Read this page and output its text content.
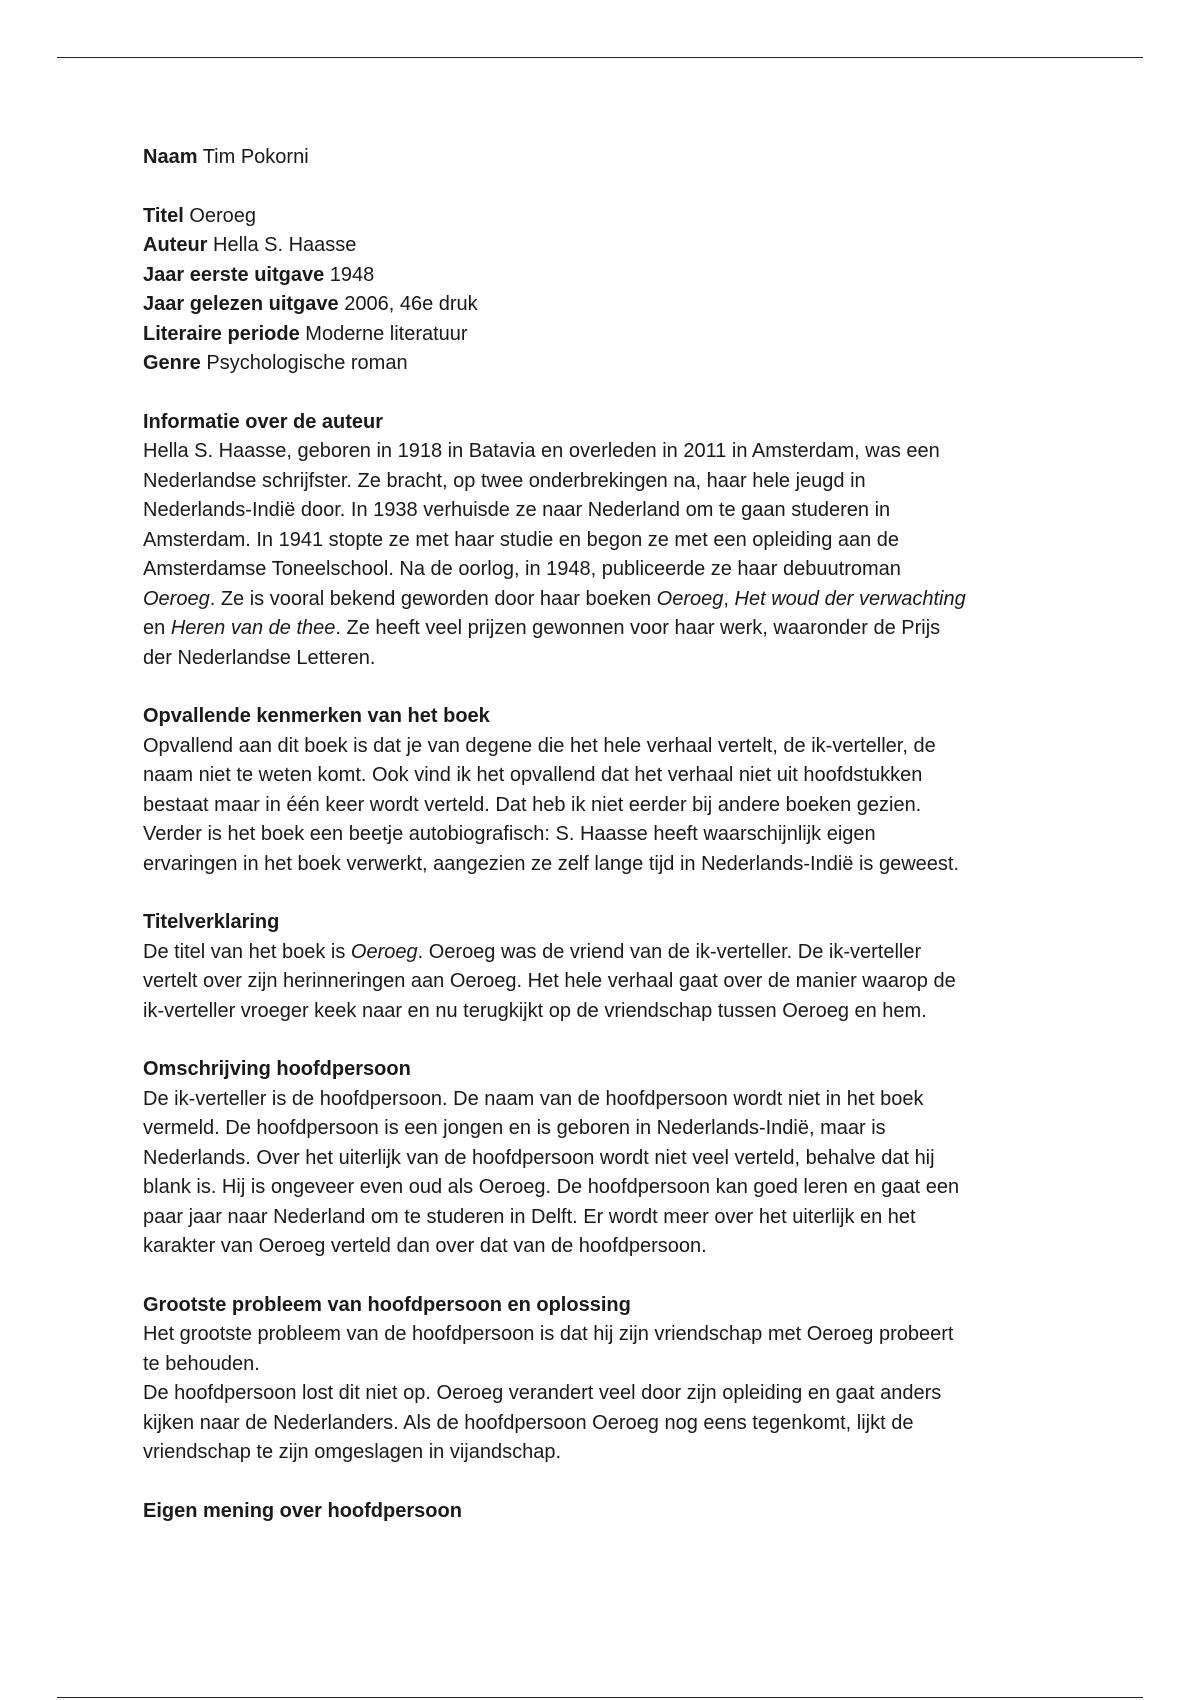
Naam Tim Pokorni

Titel Oeroeg

Auteur Hella S. Haasse

Jaar eerste uitgave 1948

Jaar gelezen uitgave 2006, 46e druk

Literaire periode Moderne literatuur

Genre Psychologische roman

Informatie over de auteur

Hella S. Haasse, geboren in 1918 in Batavia en overleden in 2011 in Amsterdam, was een
Nederlandse schrijfster. Ze bracht, op twee onderbrekingen na, haar hele jeugd in
Nederlands-Indië door. In 1938 verhuisde ze naar Nederland om te gaan studeren in
Amsterdam. In 1941 stopte ze met haar studie en begon ze met een opleiding aan de
Amsterdamse Toneelschool. Na de oorlog, in 1948, publiceerde ze haar debuutroman
Oeroeg. Ze is vooral bekend geworden door haar boeken Oeroeg, Het woud der verwachting
en Heren van de thee. Ze heeft veel prijzen gewonnen voor haar werk, waaronder de Prijs
der Nederlandse Letteren.

Opvallende kenmerken van het boek

Opvallend aan dit boek is dat je van degene die het hele verhaal vertelt, de ik-verteller, de
naam niet te weten komt. Ook vind ik het opvallend dat het verhaal niet uit hoofdstukken
bestaat maar in één keer wordt verteld. Dat heb ik niet eerder bij andere boeken gezien.
Verder is het boek een beetje autobiografisch: S. Haasse heeft waarschijnlijk eigen
ervaringen in het boek verwerkt, aangezien ze zelf lange tijd in Nederlands-Indië is geweest.

Titelverklaring

De titel van het boek is Oeroeg. Oeroeg was de vriend van de ik-verteller. De ik-verteller
vertelt over zijn herinneringen aan Oeroeg. Het hele verhaal gaat over de manier waarop de
ik-verteller vroeger keek naar en nu terugkijkt op de vriendschap tussen Oeroeg en hem.

Omschrijving hoofdpersoon

De ik-verteller is de hoofdpersoon. De naam van de hoofdpersoon wordt niet in het boek
vermeld. De hoofdpersoon is een jongen en is geboren in Nederlands-Indië, maar is
Nederlands. Over het uiterlijk van de hoofdpersoon wordt niet veel verteld, behalve dat hij
blank is. Hij is ongeveer even oud als Oeroeg. De hoofdpersoon kan goed leren en gaat een
paar jaar naar Nederland om te studeren in Delft. Er wordt meer over het uiterlijk en het
karakter van Oeroeg verteld dan over dat van de hoofdpersoon.

Grootste probleem van hoofdpersoon en oplossing

Het grootste probleem van de hoofdpersoon is dat hij zijn vriendschap met Oeroeg probeert
te behouden.
De hoofdpersoon lost dit niet op. Oeroeg verandert veel door zijn opleiding en gaat anders
kijken naar de Nederlanders. Als de hoofdpersoon Oeroeg nog eens tegenkomt, lijkt de
vriendschap te zijn omgeslagen in vijandschap.

Eigen mening over hoofdpersoon
